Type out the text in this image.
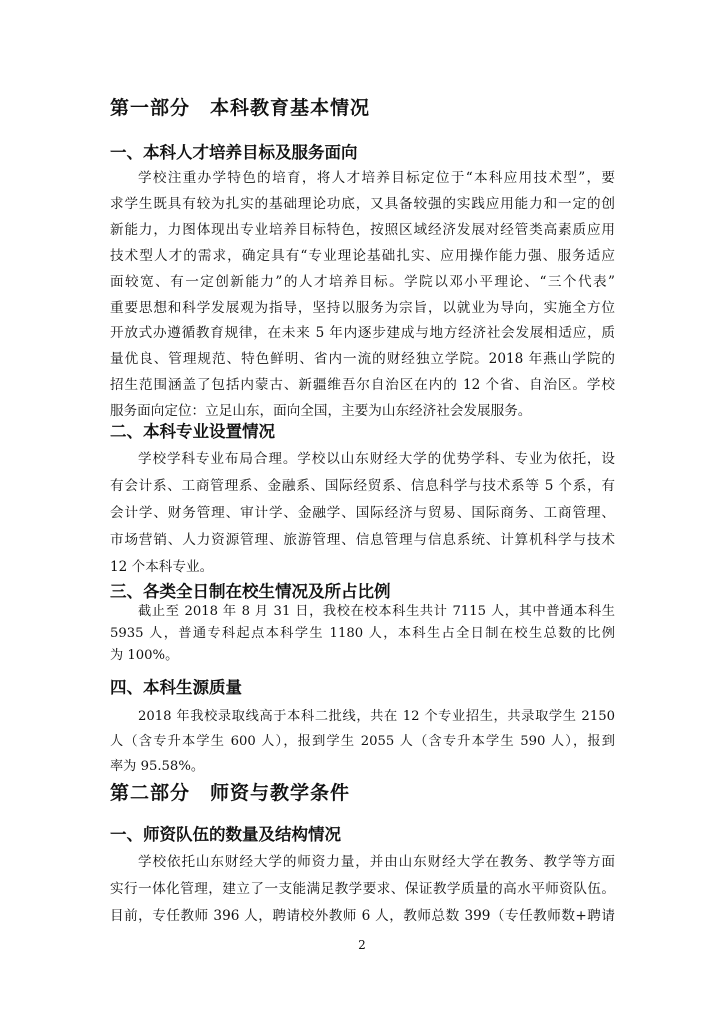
第一部分　本科教育基本情况
一、本科人才培养目标及服务面向
学校注重办学特色的培育，将人才培养目标定位于“本科应用技术型”，要
求学生既具有较为扎实的基础理论功底，又具备较强的实践应用能力和一定的创
新能力，力图体现出专业培养目标特色，按照区域经济发展对经管类高素质应用
技术型人才的需求，确定具有“专业理论基础扎实、应用操作能力强、服务适应
面较宽、有一定创新能力”的人才培养目标。学院以邓小平理论、“三个代表”
重要思想和科学发展观为指导，坚持以服务为宗旨，以就业为导向，实施全方位
开放式办遵循教育规律，在未来 5 年内逐步建成与地方经济社会发展相适应，质
量优良、管理规范、特色鲜明、省内一流的财经独立学院。2018 年燕山学院的
招生范围涵盖了包括内蒙古、新疆维吾尔自治区在内的 12 个省、自治区。学校
服务面向定位：立足山东，面向全国，主要为山东经济社会发展服务。
二、本科专业设置情况
学校学科专业布局合理。学校以山东财经大学的优势学科、专业为依托，设
有会计系、工商管理系、金融系、国际经贸系、信息科学与技术系等 5 个系，有
会计学、财务管理、审计学、金融学、国际经济与贸易、国际商务、工商管理、
市场营销、人力资源管理、旅游管理、信息管理与信息系统、计算机科学与技术
12 个本科专业。
三、各类全日制在校生情况及所占比例
截止至 2018 年 8 月 31 日，我校在校本科生共计 7115 人，其中普通本科生
5935 人，普通专科起点本科学生 1180 人，本科生占全日制在校生总数的比例
为 100%。
四、本科生源质量
2018 年我校录取线高于本科二批线，共在 12 个专业招生，共录取学生 2150
人（含专升本学生 600 人），报到学生 2055 人（含专升本学生 590 人），报到
率为 95.58%。
第二部分　师资与教学条件
一、师资队伍的数量及结构情况
学校依托山东财经大学的师资力量，并由山东财经大学在教务、教学等方面
实行一体化管理，建立了一支能满足教学要求、保证教学质量的高水平师资队伍。
目前，专任教师 396 人，聘请校外教师 6 人，教师总数 399（专任教师数+聘请
2
